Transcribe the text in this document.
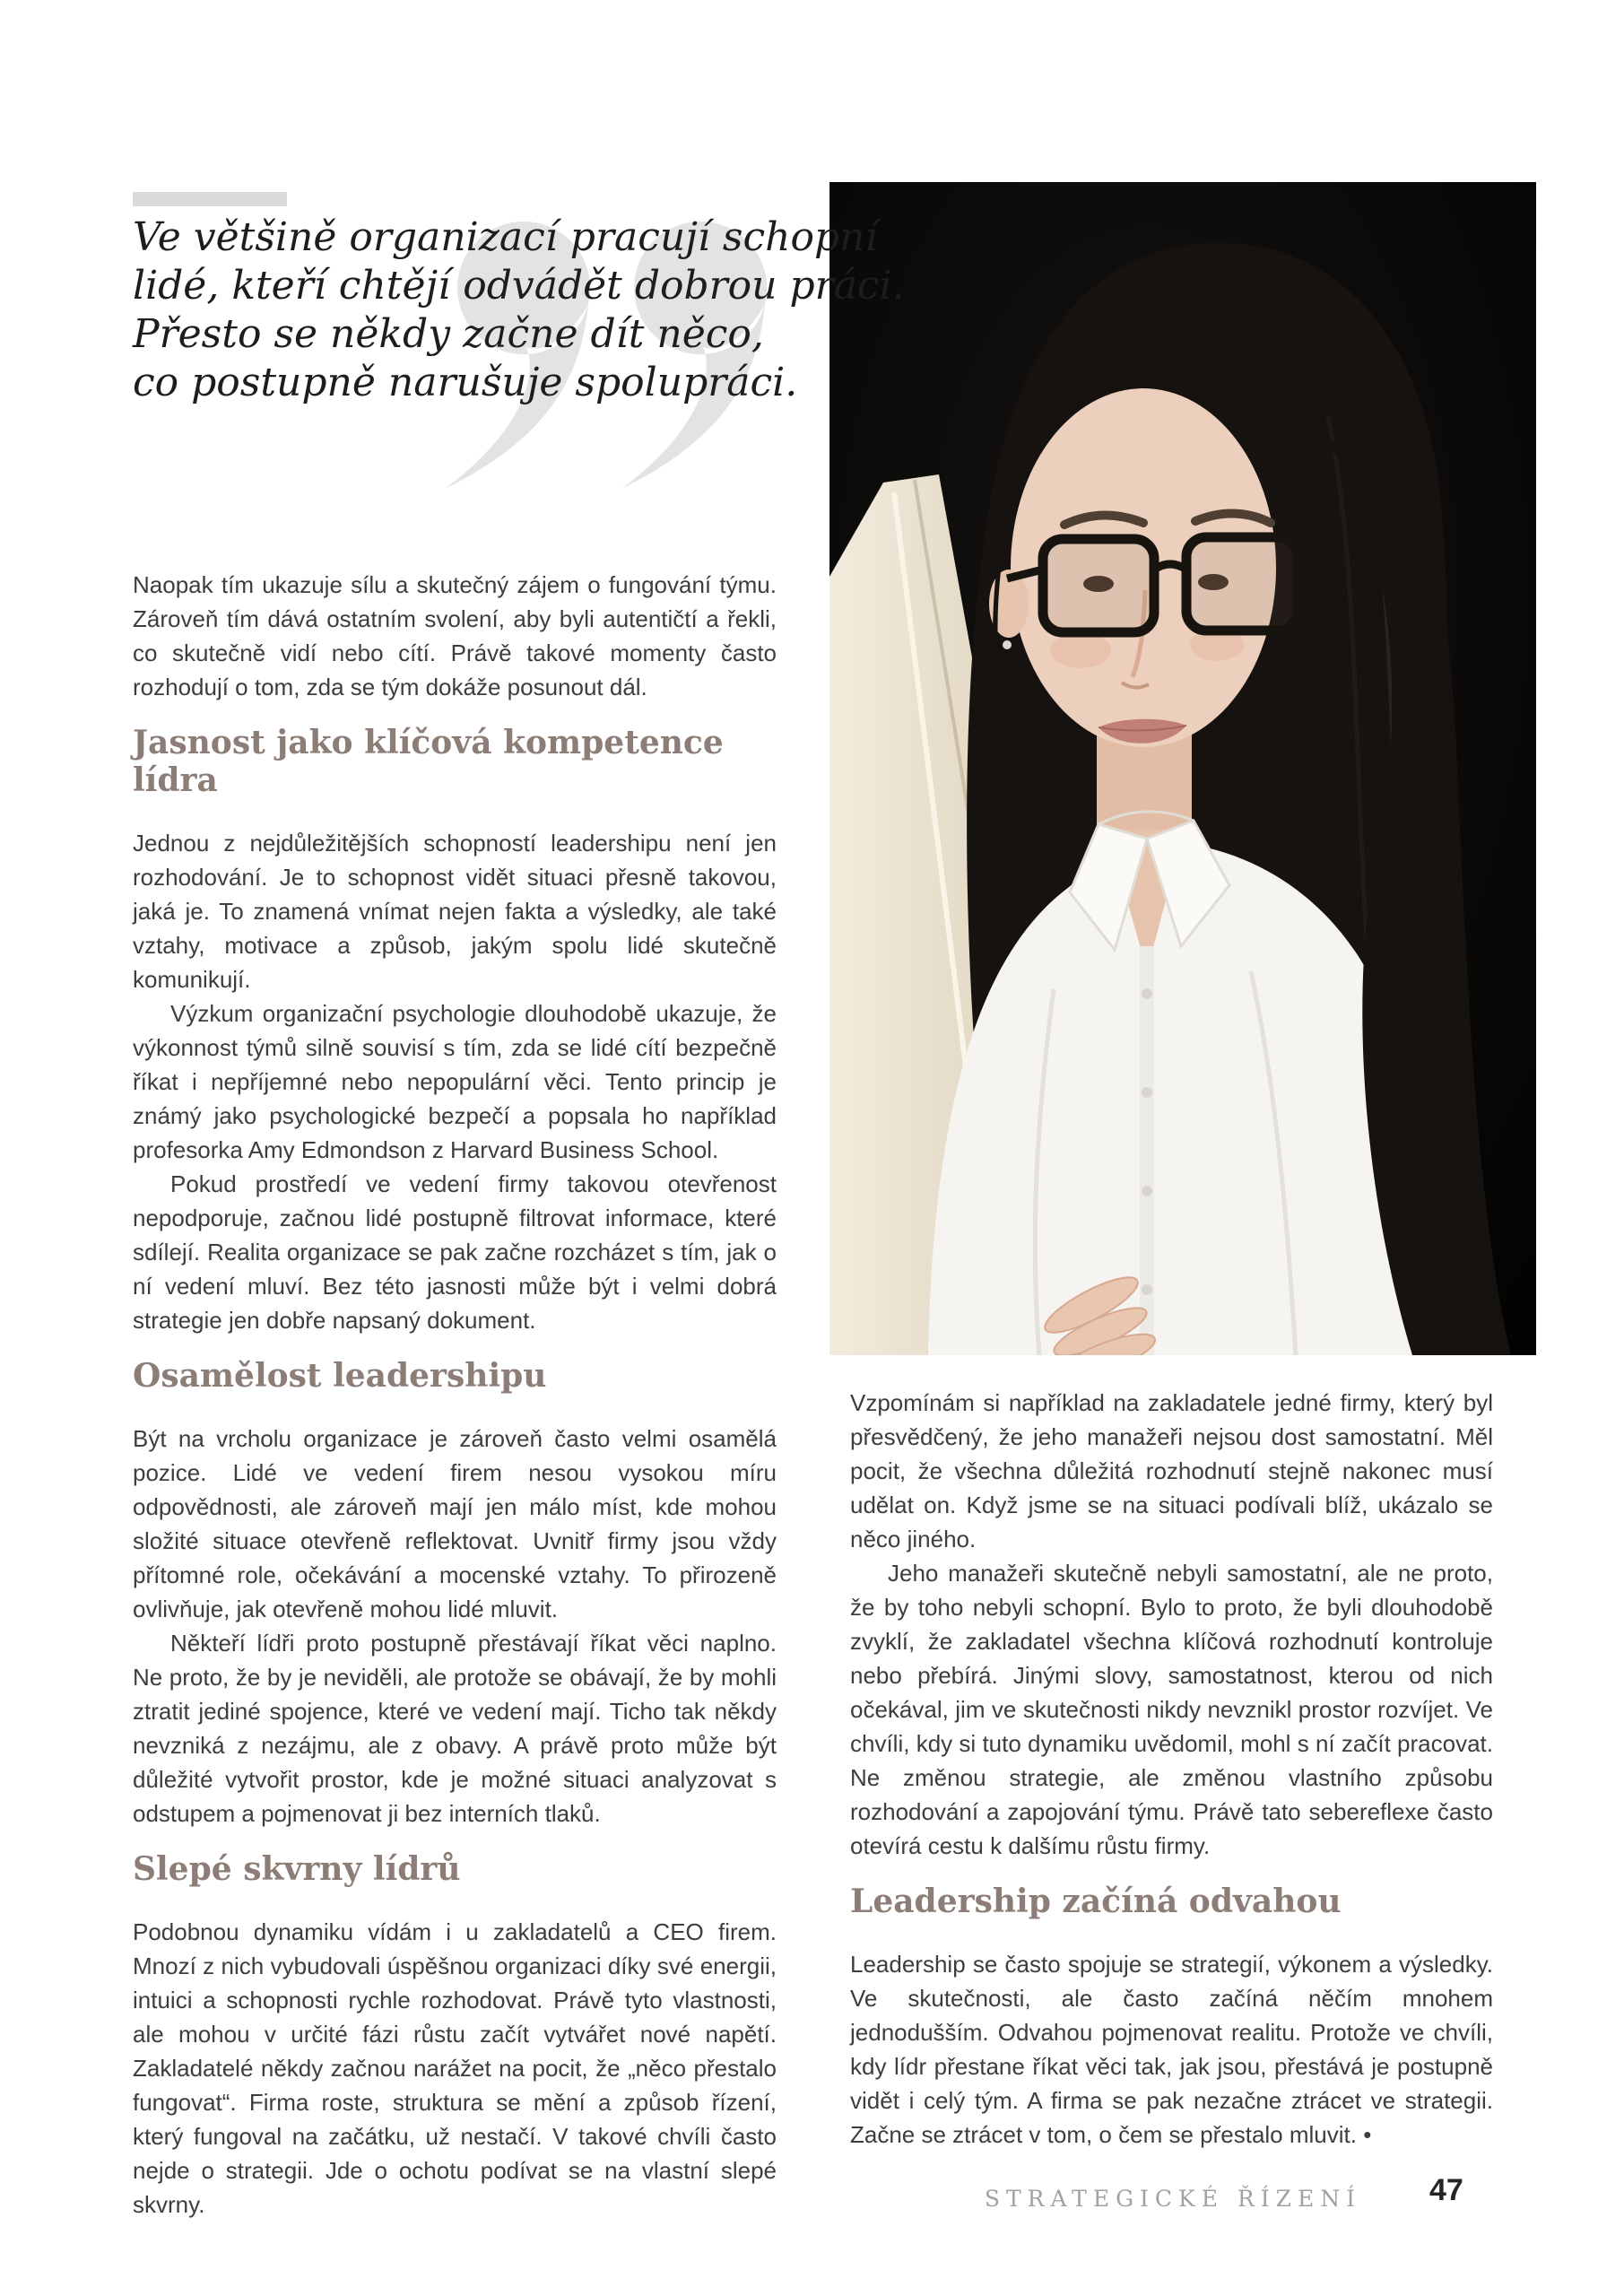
Ve většině organizací pracují schopní
lidé, kteří chtějí odvádět dobrou práci.
Přesto se někdy začne dít něco,
co postupně narušuje spolupráci.

Naopak tím ukazuje sílu a skutečný zájem o fungování týmu. Zároveň tím dává ostatním svolení, aby byli autentičtí a řekli, co skutečně vidí nebo cítí. Právě takové momenty často rozhodují o tom, zda se tým dokáže posunout dál.

Jasnost jako klíčová kompetence lídra

Jednou z nejdůležitějších schopností leadershipu není jen rozhodování. Je to schopnost vidět situaci přesně takovou, jaká je. To znamená vnímat nejen fakta a výsledky, ale také vztahy, motivace a způsob, jakým spolu lidé skutečně komunikují.

Výzkum organizační psychologie dlouhodobě ukazuje, že výkonnost týmů silně souvisí s tím, zda se lidé cítí bezpečně říkat i nepříjemné nebo nepopulární věci. Tento princip je známý jako psychologické bezpečí a popsala ho například profesorka Amy Edmondson z Harvard Business School.

Pokud prostředí ve vedení firmy takovou otevřenost nepodporuje, začnou lidé postupně filtrovat informace, které sdílejí. Realita organizace se pak začne rozcházet s tím, jak o ní vedení mluví. Bez této jasnosti může být i velmi dobrá strategie jen dobře napsaný dokument.

Osamělost leadershipu

Být na vrcholu organizace je zároveň často velmi osamělá pozice. Lidé ve vedení firem nesou vysokou míru odpovědnosti, ale zároveň mají jen málo míst, kde mohou složité situace otevřeně reflektovat. Uvnitř firmy jsou vždy přítomné role, očekávání a mocenské vztahy. To přirozeně ovlivňuje, jak otevřeně mohou lidé mluvit.

Někteří lídři proto postupně přestávají říkat věci naplno. Ne proto, že by je neviděli, ale protože se obávají, že by mohli ztratit jediné spojence, které ve vedení mají. Ticho tak někdy nevzniká z nezájmu, ale z obavy. A právě proto může být důležité vytvořit prostor, kde je možné situaci analyzovat s odstupem a pojmenovat ji bez interních tlaků.

Slepé skvrny lídrů

Podobnou dynamiku vídám i u zakladatelů a CEO firem. Mnozí z nich vybudovali úspěšnou organizaci díky své energii, intuici a schopnosti rychle rozhodovat. Právě tyto vlastnosti, ale mohou v určité fázi růstu začít vytvářet nové napětí. Zakladatelé někdy začnou narážet na pocit, že „něco přestalo fungovat“. Firma roste, struktura se mění a způsob řízení, který fungoval na začátku, už nestačí. V takové chvíli často nejde o strategii. Jde o ochotu podívat se na vlastní slepé skvrny.

Vzpomínám si například na zakladatele jedné firmy, který byl přesvědčený, že jeho manažeři nejsou dost samostatní. Měl pocit, že všechna důležitá rozhodnutí stejně nakonec musí udělat on. Když jsme se na situaci podívali blíž, ukázalo se něco jiného.

Jeho manažeři skutečně nebyli samostatní, ale ne proto, že by toho nebyli schopní. Bylo to proto, že byli dlouhodobě zvyklí, že zakladatel všechna klíčová rozhodnutí kontroluje nebo přebírá. Jinými slovy, samostatnost, kterou od nich očekával, jim ve skutečnosti nikdy nevznikl prostor rozvíjet. Ve chvíli, kdy si tuto dynamiku uvědomil, mohl s ní začít pracovat. Ne změnou strategie, ale změnou vlastního způsobu rozhodování a zapojování týmu. Právě tato sebereflexe často otevírá cestu k dalšímu růstu firmy.

Leadership začíná odvahou

Leadership se často spojuje se strategií, výkonem a výsledky. Ve skutečnosti, ale často začíná něčím mnohem jednodušším. Odvahou pojmenovat realitu. Protože ve chvíli, kdy lídr přestane říkat věci tak, jak jsou, přestává je postupně vidět i celý tým. A firma se pak nezačne ztrácet ve strategii. Začne se ztrácet v tom, o čem se přestalo mluvit. •

STRATEGICKÉ ŘÍZENÍ 47
